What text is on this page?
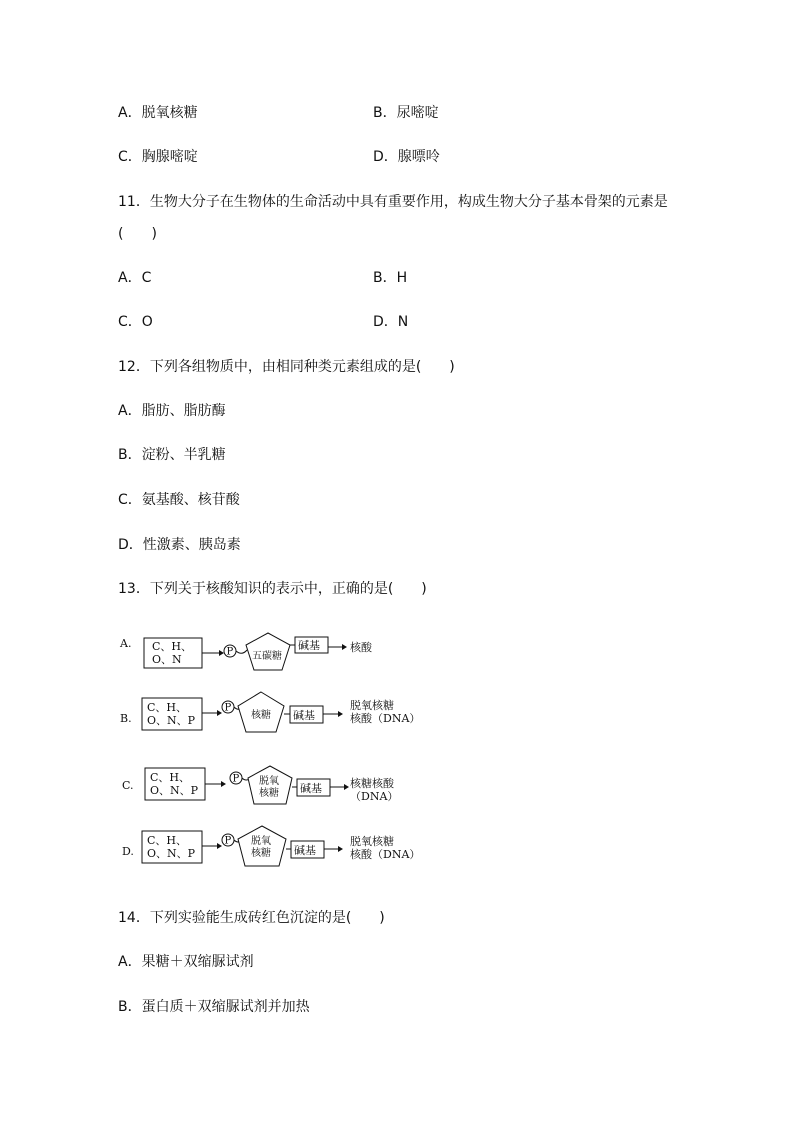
A．脱氧核糖	B．尿嘧啶
C．胸腺嘧啶	D．腺嘌呤
11．生物大分子在生物体的生命活动中具有重要作用，构成生物大分子基本骨架的元素是
(　　)
A．C	B．H
C．O	D．N
12．下列各组物质中，由相同种类元素组成的是(　　)
A．脂肪、脂肪酶
B．淀粉、半乳糖
C．氨基酸、核苷酸
D．性激素、胰岛素
13．下列关于核酸知识的表示中，正确的是(　　)
A. C、H、
O、N
P 五碳糖
碱基	核酸
B.
C、H、
O、N、P
P
核糖 碱基
脱氧核糖
核酸（DNA）
C.
C、H、
O、N、P
P 脱氧
核糖 碱基	核糖核酸
（DNA）
D.
C、H、
O、N、P
P 脱氧
核糖 碱基
脱氧核糖
核酸（DNA）
14．下列实验能生成砖红色沉淀的是(　　)
A．果糖＋双缩脲试剂
B．蛋白质＋双缩脲试剂并加热
